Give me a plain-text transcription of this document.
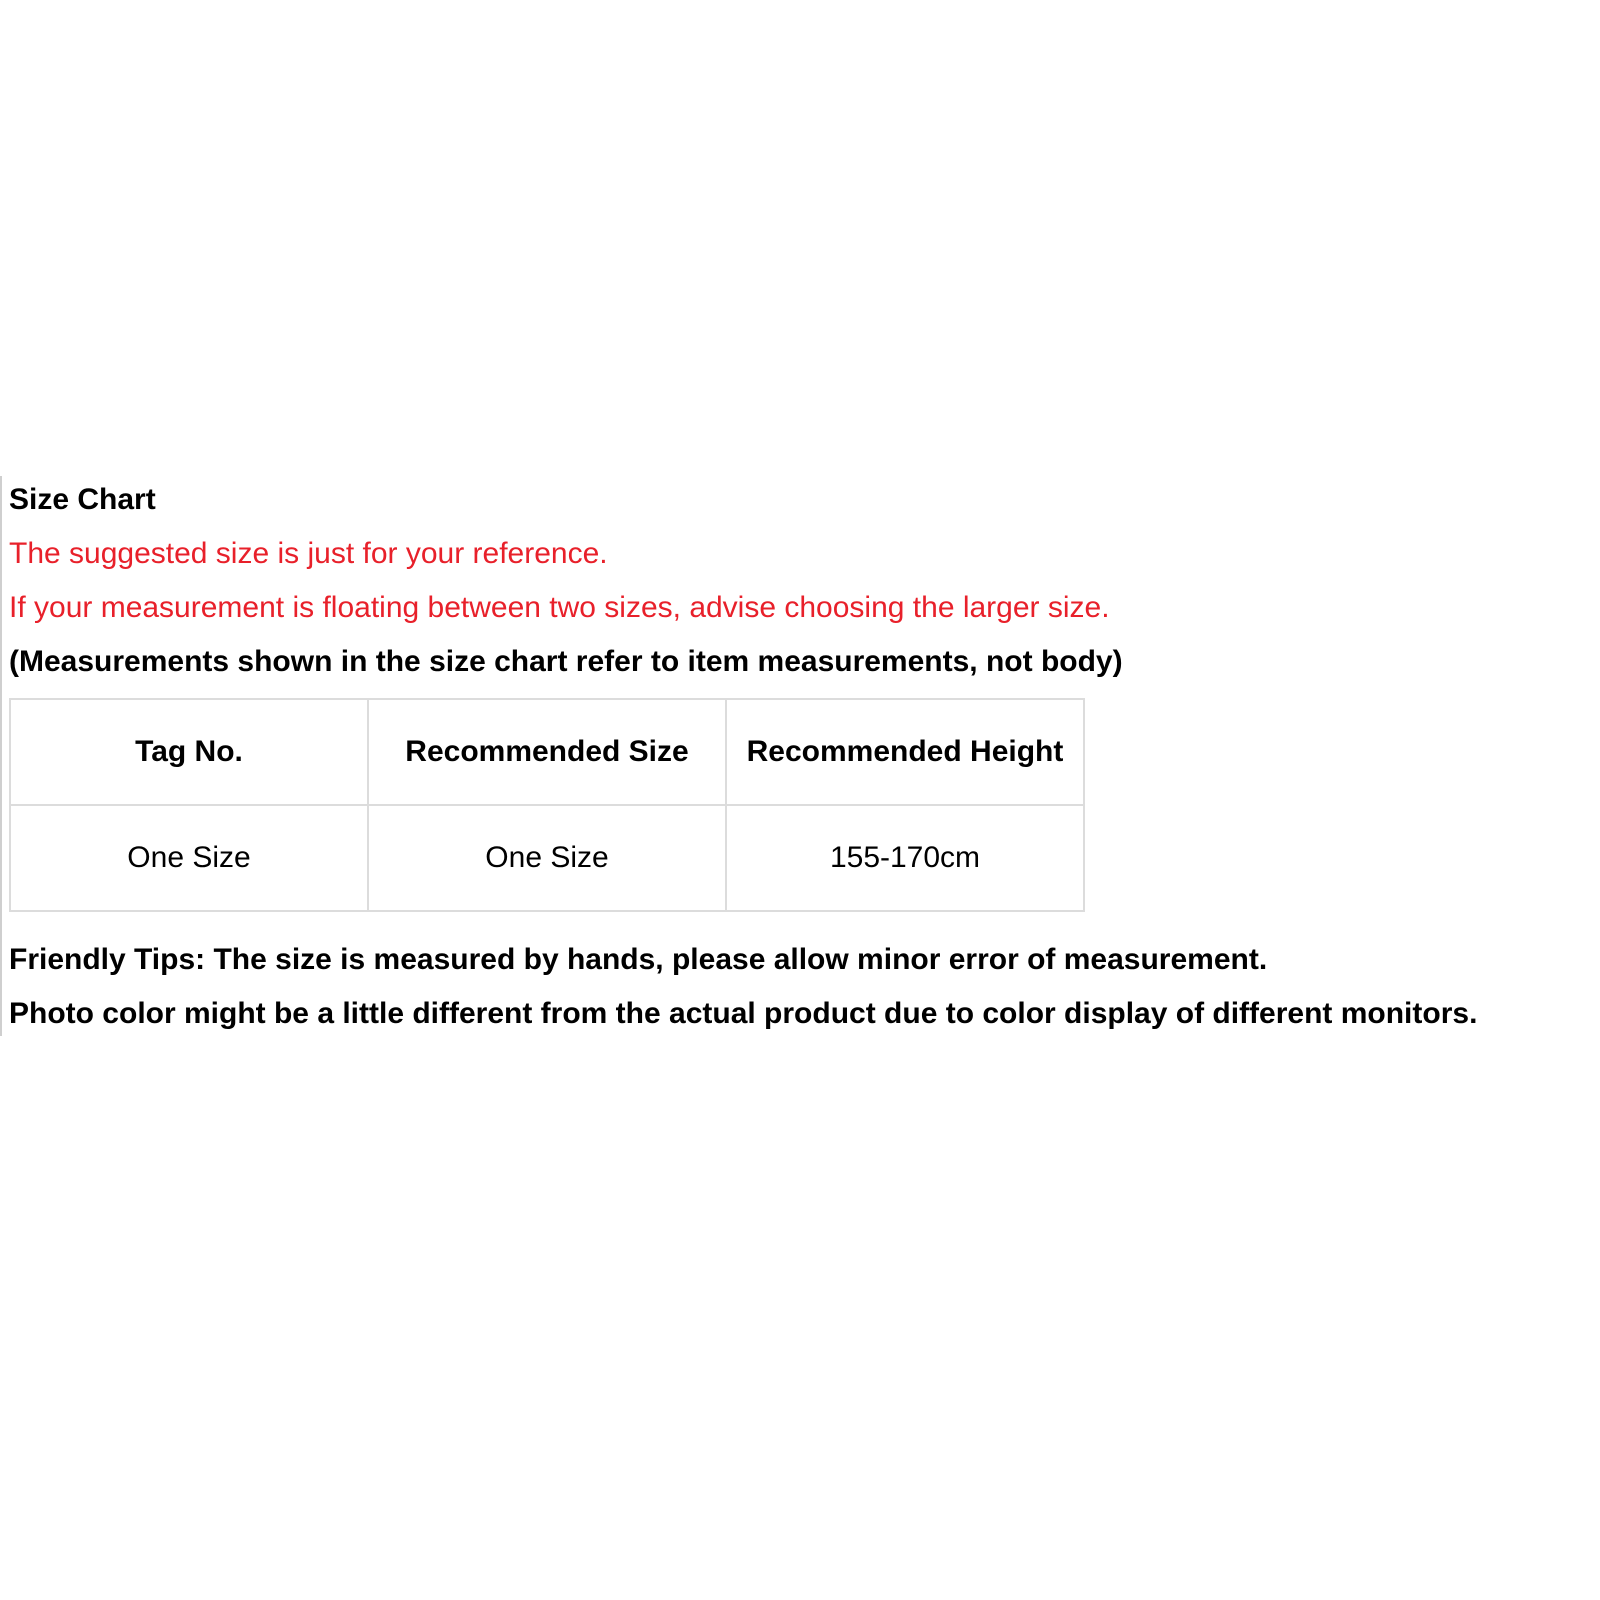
Size Chart

The suggested size is just for your reference.

If your measurement is floating between two sizes, advise choosing the larger size.

(Measurements shown in the size chart refer to item measurements, not body)

Tag No.	Recommended Size	Recommended Height
One Size	One Size	155-170cm

Friendly Tips: The size is measured by hands, please allow minor error of measurement.

Photo color might be a little different from the actual product due to color display of different monitors.
